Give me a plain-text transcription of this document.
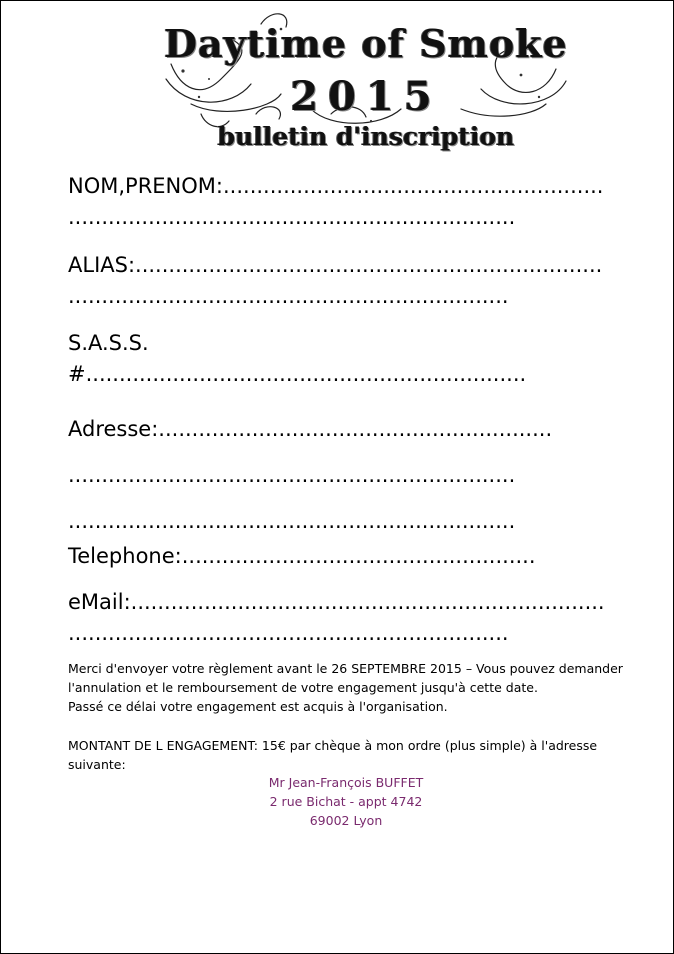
Daytime of Smoke
2015
bulletin d'inscription
NOM,PRENOM:.........................................................
...................................................................
ALIAS:......................................................................
..................................................................
S.A.S.S.
#..................................................................
Adresse:...........................................................
...................................................................
...................................................................
Telephone:.....................................................
eMail:.......................................................................
..................................................................
Merci d'envoyer votre règlement avant le 26 SEPTEMBRE 2015 – Vous pouvez demander
l'annulation et le remboursement de votre engagement jusqu'à cette date.
Passé ce délai votre engagement est acquis à l'organisation.
MONTANT DE L ENGAGEMENT: 15€ par chèque à mon ordre (plus simple) à l'adresse
suivante:
Mr Jean-François BUFFET
2 rue Bichat - appt 4742
69002 Lyon
